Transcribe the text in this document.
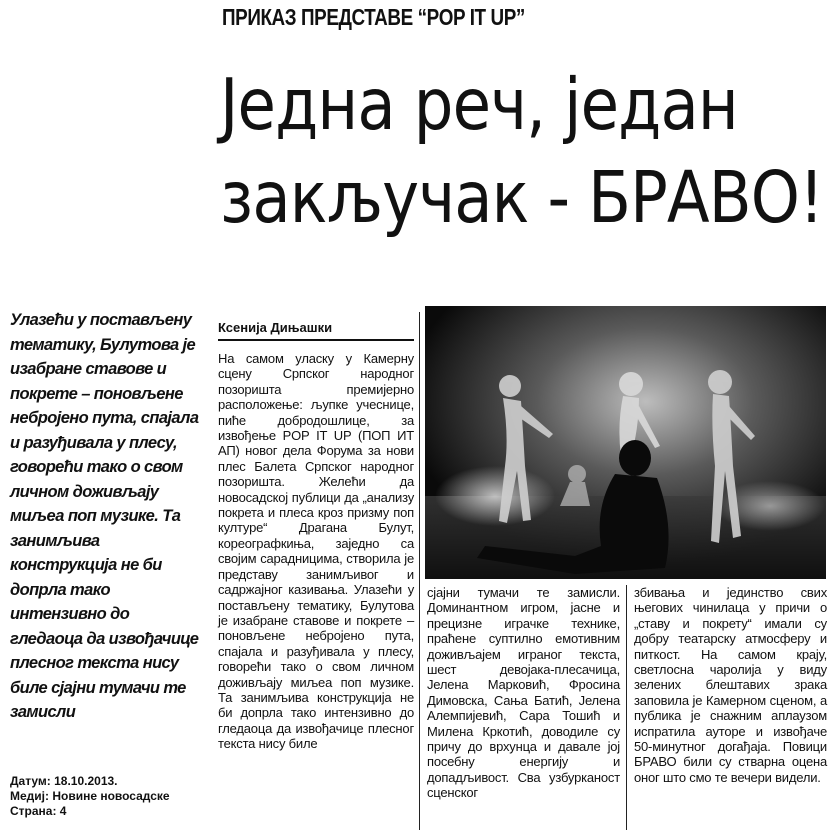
ПРИКАЗ ПРЕДСТАВЕ “POP IT UP”
Једна реч, један
закључак - БРАВО!
Улазећи у постављену тематику, Булутова је изабране ставове и покрете – поновљене небројено пута, спајала и разуђивала у плесу, говорећи тако о свом личном доживљају миљеа поп музике. Та занимљива конструкција не би допрла тако интензивно до гледаоца да извођачице плесног текста нису биле сјајни тумачи те замисли
Датум: 18.10.2013.
Медиј: Новине новосадске
Страна: 4
Ксенија Дињашки

На самом уласку у Камерну сцену Српског народног позоришта премијерно расположење: љупке учеснице, пиће добродошлице, за извођење POP IT UP (ПОП ИТ АП) новог дела Форума за нови плес Балета Српског народног позоришта. Желећи да новосадској публици да „анализу покрета и плеса кроз призму поп културе“ Драгана Булут, кореографкиња, заједно са својим сарадницима, створила је представу занимљивог и садржајног казивања. Улазећи у постављену тематику, Булутова је изабране ставове и покрете – поновљене небројено пута, спајала и разуђивала у плесу, говорећи тако о свом личном доживљају миљеа поп музике. Та занимљива конструкција не би допрла тако интензивно до гледаоца да извођачице плесног текста нису биле

сјајни тумачи те замисли. Доминантном игром, јасне и прецизне играчке технике, праћене суптилно емотивним доживљајем играног текста, шест девојака-плесачица, Јелена Марковић, Фросина Димовска, Сања Батић, Јелена Алемпијевић, Сара Тошић и Милена Кркотић, доводиле су причу до врхунца и давале јој посебну енергију и допадљивост. Сва узбурканост сценског

збивања и јединство свих његових чинилаца у причи о „ставу и покрету“ имали су добру театарску атмосферу и питкост. На самом крају, светлосна чаролија у виду зелених блештавих зрака заповила је Камерном сценом, а публика је снажним аплаузом испратила ауторе и извођаче 50-минутног догађаја. Повици БРАВО били су стварна оцена оног што смо те вечери видели.
